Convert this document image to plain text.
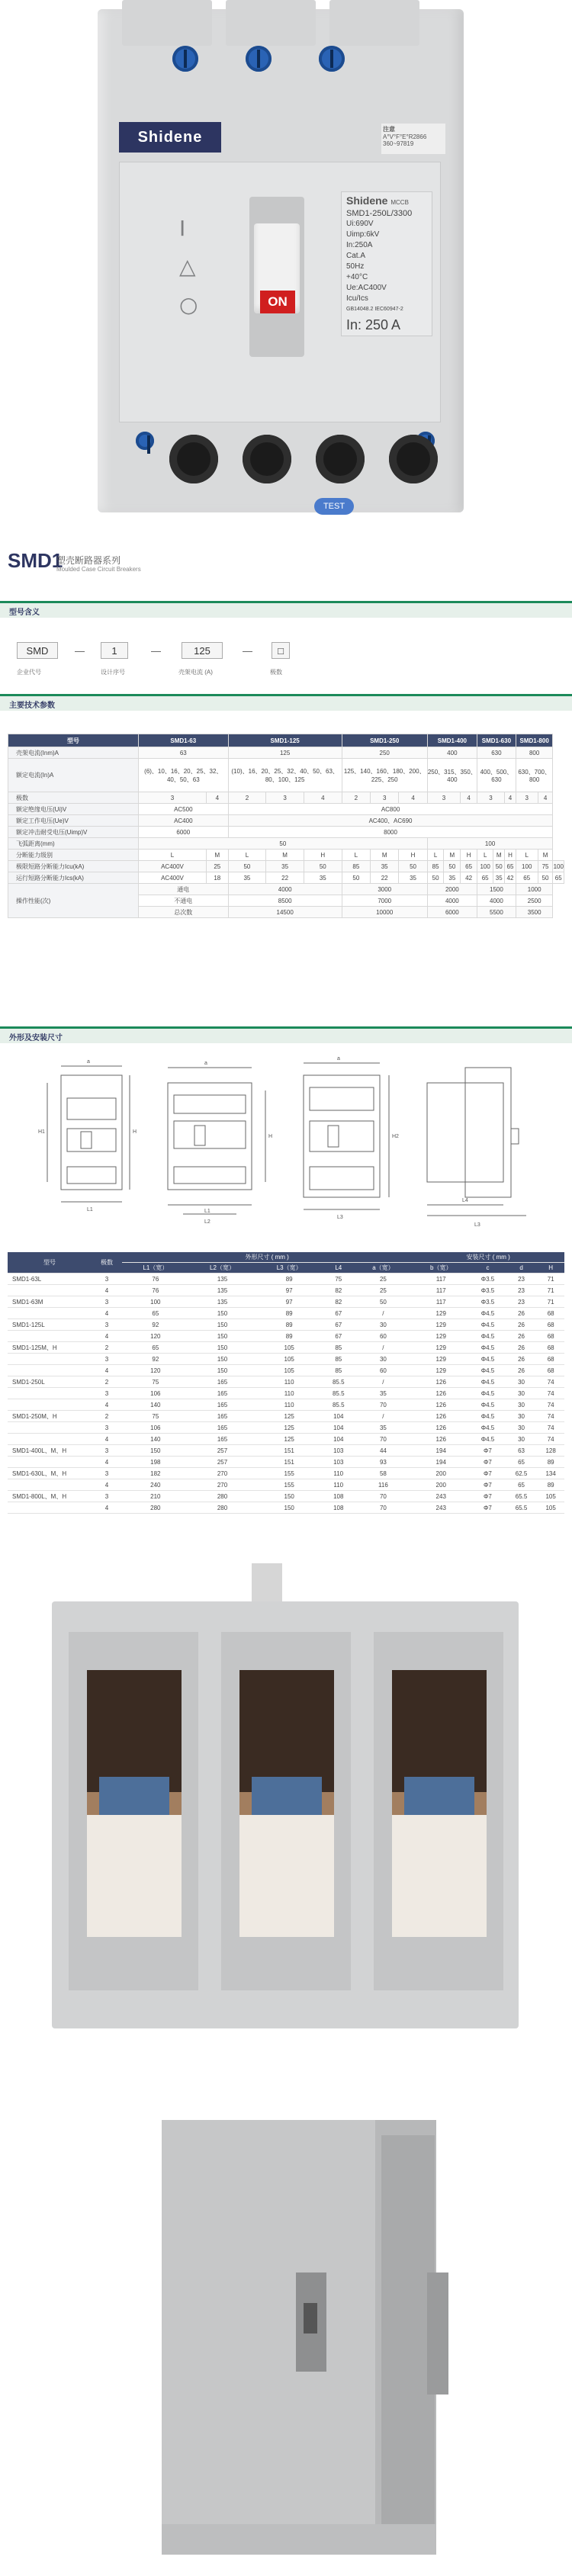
Shidene	注意
A°V°F°E°R2866 360~97819
I
△
○	ON
Shidene MCCB
SMD1-250L/3300
Ui:690V
Uimp:6kV
In:250A
Cat.A
50Hz
+40°C
Ue:AC400V
Icu/Ics
GB14048.2 IEC60947-2
In: 250 A
TEST
SMD1
塑壳断路器系列
Moulded Case Circuit Breakers
型号含义
SMD	—	1	—	125	—	□
企业代号	设计序号	壳架电流 (A)	极数
主要技术参数
型号	SMD1-63		SMD1-125			SMD1-250			SMD1-400			SMD1-630			SMD1-800		
壳架电流(Inm)A	63		125			250			400			630			800		
额定电流(In)A	(6)、10、16、20、25、32、40、50、63		(10)、16、20、25、32、40、50、63、80、100、125			125、140、160、180、200、225、250			250、315、350、400			400、500、630			630、700、800		
极数	3	4	2	3	4	2	3	4	3		4	3		4	3	4	
额定绝缘电压(Ui)V	AC500		AC800														
额定工作电压(Ue)V	AC400		AC400、AC690														
额定冲击耐受电压(Uimp)V	6000		8000														
飞弧距离(mm)	50								100								
分断能力级别	L	M	L	M	H	L	M	H	L	M	H	L	M	H	L	M	
极限短路分断能力Icu(kA)	AC400V	25	50	35	50	85	35	50	85	50	65	100	50	65	100	75	100
运行短路分断能力Ics(kA)	AC400V	18	35	22	35	50	22	35	50	35	42	65	35	42	65	50	65
操作性能(次)	通电		4000			3000			2000			1500			1000		
	不通电		8500			7000			4000			4000			2500		
	总次数		14500			10000			6000			5500			3500		
外形及安装尺寸
a
L1
H
H1
a
L1
L2
H
a
L3
H2
L4
L3
型号	极数	外形尺寸 ( mm )					安装尺寸 ( mm )			
		L1（宽）	L2（宽）	L3（宽）	L4	a（宽）	b（宽）	c	d	H
SMD1-63L	3	76	135	89	75	25	117	Φ3.5	23	71
	4	76	135	97	82	25	117	Φ3.5	23	71
SMD1-63M	3	100	135	97	82	50	117	Φ3.5	23	71
	4	65	150	89	67	/	129	Φ4.5	26	68
SMD1-125L	3	92	150	89	67	30	129	Φ4.5	26	68
	4	120	150	89	67	60	129	Φ4.5	26	68
SMD1-125M、H	2	65	150	105	85	/	129	Φ4.5	26	68
	3	92	150	105	85	30	129	Φ4.5	26	68
	4	120	150	105	85	60	129	Φ4.5	26	68
SMD1-250L	2	75	165	110	85.5	/	126	Φ4.5	30	74
	3	106	165	110	85.5	35	126	Φ4.5	30	74
	4	140	165	110	85.5	70	126	Φ4.5	30	74
SMD1-250M、H	2	75	165	125	104	/	126	Φ4.5	30	74
	3	106	165	125	104	35	126	Φ4.5	30	74
	4	140	165	125	104	70	126	Φ4.5	30	74
SMD1-400L、M、H	3	150	257	151	103	44	194	Φ7	63	128
	4	198	257	151	103	93	194	Φ7	65	89
SMD1-630L、M、H	3	182	270	155	110	58	200	Φ7	62.5	134
	4	240	270	155	110	116	200	Φ7	65	89
SMD1-800L、M、H	3	210	280	150	108	70	243	Φ7	65.5	105
	4	280	280	150	108	70	243	Φ7	65.5	105
